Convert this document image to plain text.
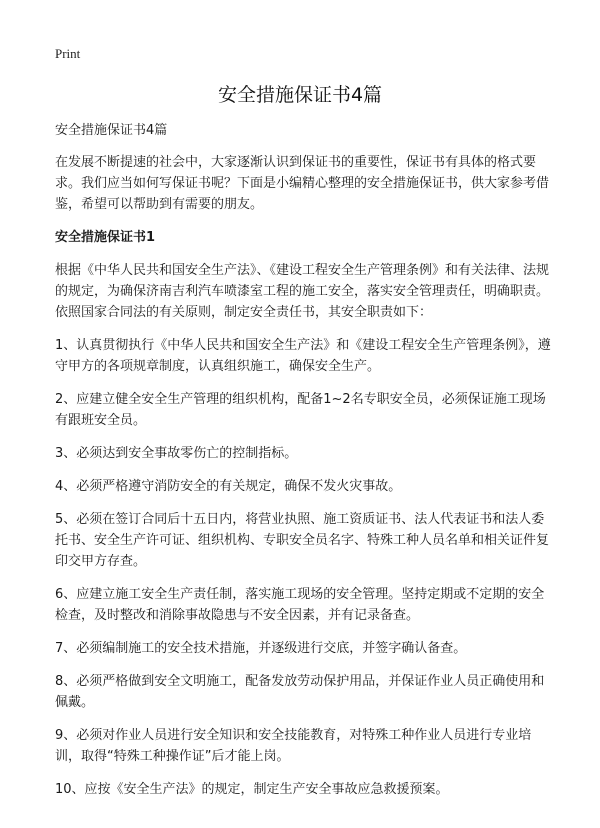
Print
安全措施保证书4篇

安全措施保证书4篇

在发展不断提速的社会中，大家逐渐认识到保证书的重要性，保证书有具体的格式要求。我们应当如何写保证书呢？下面是小编精心整理的安全措施保证书，供大家参考借鉴，希望可以帮助到有需要的朋友。

安全措施保证书1

根据《中华人民共和国安全生产法》、《建设工程安全生产管理条例》和有关法律、法规的规定，为确保济南吉利汽车喷漆室工程的施工安全，落实安全管理责任，明确职责。依照国家合同法的有关原则，制定安全责任书，其安全职责如下：

1、认真贯彻执行《中华人民共和国安全生产法》和《建设工程安全生产管理条例》，遵守甲方的各项规章制度，认真组织施工，确保安全生产。

2、应建立健全安全生产管理的组织机构，配备1~2名专职安全员，必须保证施工现场有跟班安全员。

3、必须达到安全事故零伤亡的控制指标。

4、必须严格遵守消防安全的有关规定，确保不发火灾事故。

5、必须在签订合同后十五日内，将营业执照、施工资质证书、法人代表证书和法人委托书、安全生产许可证、组织机构、专职安全员名字、特殊工种人员名单和相关证件复印交甲方存查。

6、应建立施工安全生产责任制，落实施工现场的安全管理。坚持定期或不定期的安全检查，及时整改和消除事故隐患与不安全因素，并有记录备查。

7、必须编制施工的安全技术措施，并逐级进行交底，并签字确认备查。

8、必须严格做到安全文明施工，配备发放劳动保护用品，并保证作业人员正确使用和佩戴。

9、必须对作业人员进行安全知识和安全技能教育，对特殊工种作业人员进行专业培训，取得“特殊工种操作证”后才能上岗。

10、应按《安全生产法》的规定，制定生产安全事故应急救援预案。
